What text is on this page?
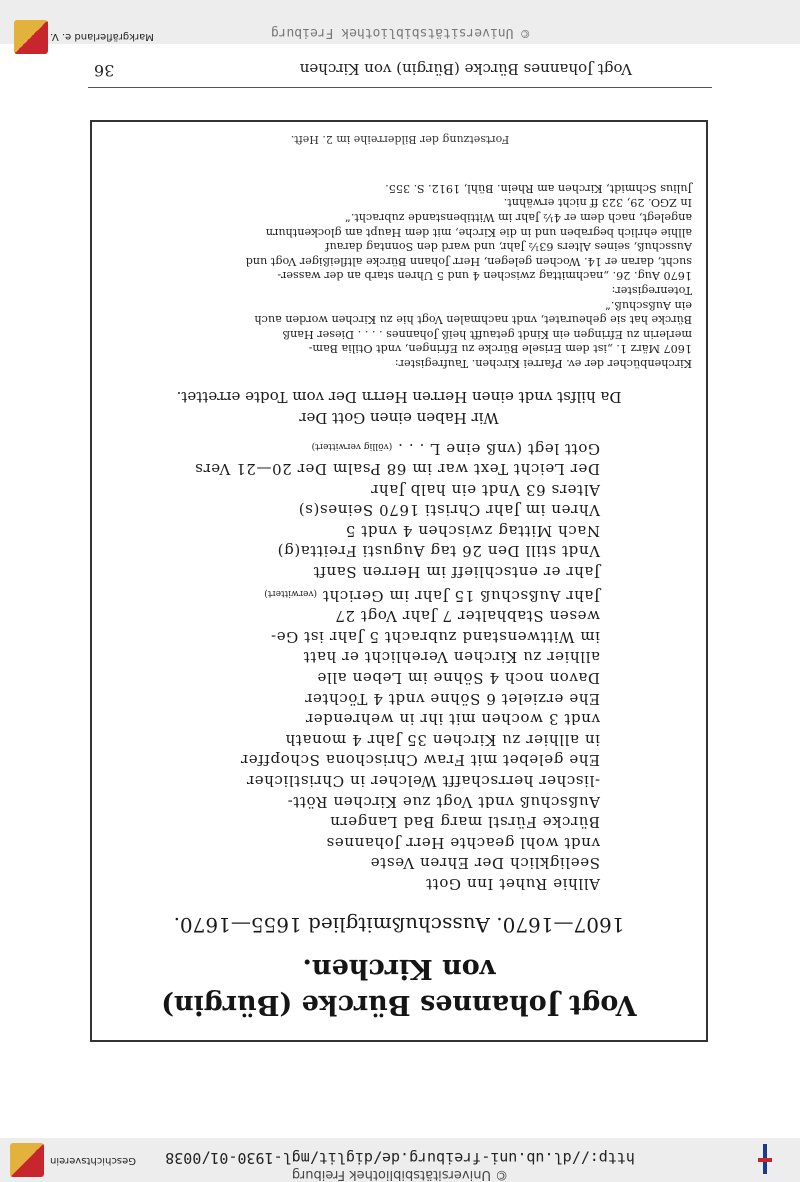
© Universitätsbibliothek Freiburg
http://dl.ub.uni-freiburg.de/diglit/mgl-1930-01/0038
Geschichtsverein
Vogt Johannes Bürcke (Bürgin)
von Kirchen.
1607—1670. Ausschußmitglied 1655—1670.
Allhie Ruhet Inn Gott
Seeligklich Der Ehren Veste
vndt wohl geachte Herr Johannes
Bürcke Fürstl marg Bad Langern
Außschuß vndt Vogt zue Kirchen Rött-
-lischer herrschafft Welcher in Christlicher
Ehe gelebet mit Fraw Chrischona Schopffer
in allhier zu Kirchen 35 Jahr 4 monath
vndt 3 wochen mit ihr in wehrender
Ehe erzielet 6 Söhne vndt 4 Töchter
Davon noch 4 Söhne im Leben alle
allhier zu Kirchen Verehlicht er hatt
im Wittwenstand zubracht 5 Jahr ist Ge-
wesen Stabhalter 7 Jahr Vogt 27
Jahr Außschuß 15 Jahr im Gericht (verwittert)
Jahr er entschlieff im Herren Sanft
Vndt still Den 26 tag Augusti Freitta(g)
Nach Mittag zwischen 4 vndt 5
Vhren im Jahr Christi 1670 Seines(s)
Alters 63 Vndt ein halb Jahr
Der Leicht Text war im 68 Psalm Der 20—21 Vers
Gott legt (vnß eine L . . . (völlig verwittert)
Wir Haben einen Gott Der
Da hilfst vndt einen Herren Herrn Der vom Todte errettet.

Kirchenbücher der ev. Pfarrei Kirchen. Taufregister:

1607 März 1. „ist dem Erisele Bürcke zu Efringen, vndt Otilia Bam-

merlerin zu Efringen ein Kindt getaufft heiß Johannes . . . . Dieser Hanß

Bürcke hat sie geheuratet, vndt nachmalen Vogt hie zu Kirchen worden auch

ein Außschuß.“

Totenregister:

1670 Aug. 26. „nachmittag zwischen 4 und 5 Uhren starb an der wasser-

sucht, daran er 14. Wochen gelegen, Herr Johann Bürcke altfleißiger Vogt und

Ausschuß, seines Alters 63½ Jahr, und ward den Sonntag darauf

allhie ehrlich begraben und in die Kirche, mit dem Haupt am glockenthurn

angelegt, nach dem er 4½ Jahr im Wittibenstande zubracht.“

In ZGO. 29, 323 ff nicht erwähnt.

Julius Schmidt, Kirchen am Rhein. Bühl, 1912. S. 355.

Fortsetzung der Bilderreihe im 2. Heft.
Vogt Johannes Bürcke (Bürgin) von Kirchen
36
© Universitätsbibliothek Freiburg
Markgräflerland e. V.
